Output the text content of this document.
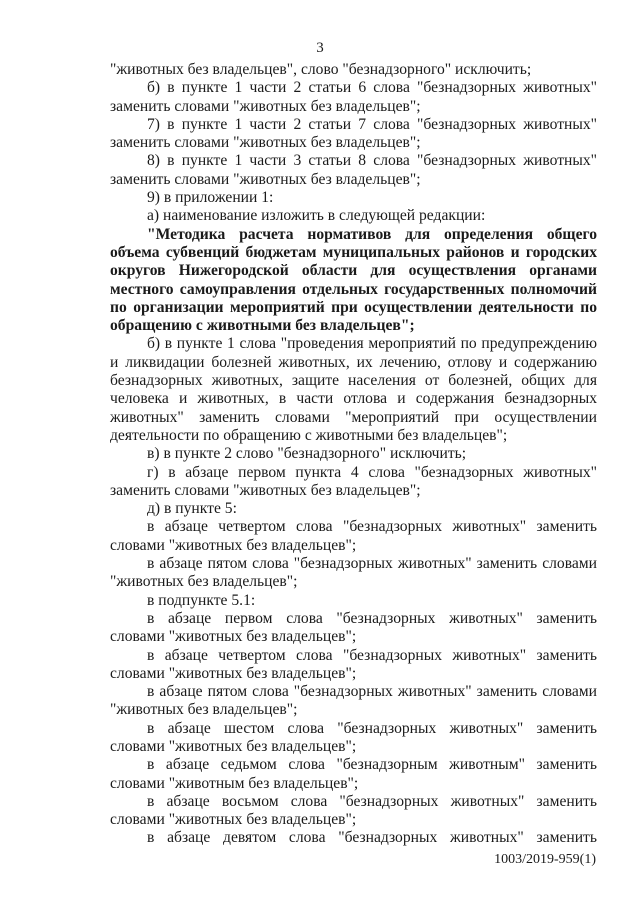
3

"животных без владельцев", слово "безнадзорного" исключить;

б) в пункте 1 части 2 статьи 6 слова "безнадзорных животных" заменить словами "животных без владельцев";

7) в пункте 1 части 2 статьи 7 слова "безнадзорных животных" заменить словами "животных без владельцев";

8) в пункте 1 части 3 статьи 8 слова "безнадзорных животных" заменить словами "животных без владельцев";

9) в приложении 1:

а) наименование изложить в следующей редакции:

"Методика расчета нормативов для определения общего объема субвенций бюджетам муниципальных районов и городских округов Нижегородской области для осуществления органами местного самоуправления отдельных государственных полномочий по организации мероприятий при осуществлении деятельности по обращению с животными без владельцев";

б) в пункте 1 слова "проведения мероприятий по предупреждению и ликвидации болезней животных, их лечению, отлову и содержанию безнадзорных животных, защите населения от болезней, общих для человека и животных, в части отлова и содержания безнадзорных животных" заменить словами "мероприятий при осуществлении деятельности по обращению с животными без владельцев";

в) в пункте 2 слово "безнадзорного" исключить;

г) в абзаце первом пункта 4 слова "безнадзорных животных" заменить словами "животных без владельцев";

д) в пункте 5:

в абзаце четвертом слова "безнадзорных животных" заменить словами "животных без владельцев";

в абзаце пятом слова "безнадзорных животных" заменить словами "животных без владельцев";

в подпункте 5.1:

в абзаце первом слова "безнадзорных животных" заменить словами "животных без владельцев";

в абзаце четвертом слова "безнадзорных животных" заменить словами "животных без владельцев";

в абзаце пятом слова "безнадзорных животных" заменить словами "животных без владельцев";

в абзаце шестом слова "безнадзорных животных" заменить словами "животных без владельцев";

в абзаце седьмом слова "безнадзорным животным" заменить словами "животным без владельцев";

в абзаце восьмом слова "безнадзорных животных" заменить словами "животных без владельцев";

в абзаце девятом слова "безнадзорных животных" заменить

1003/2019-959(1)
